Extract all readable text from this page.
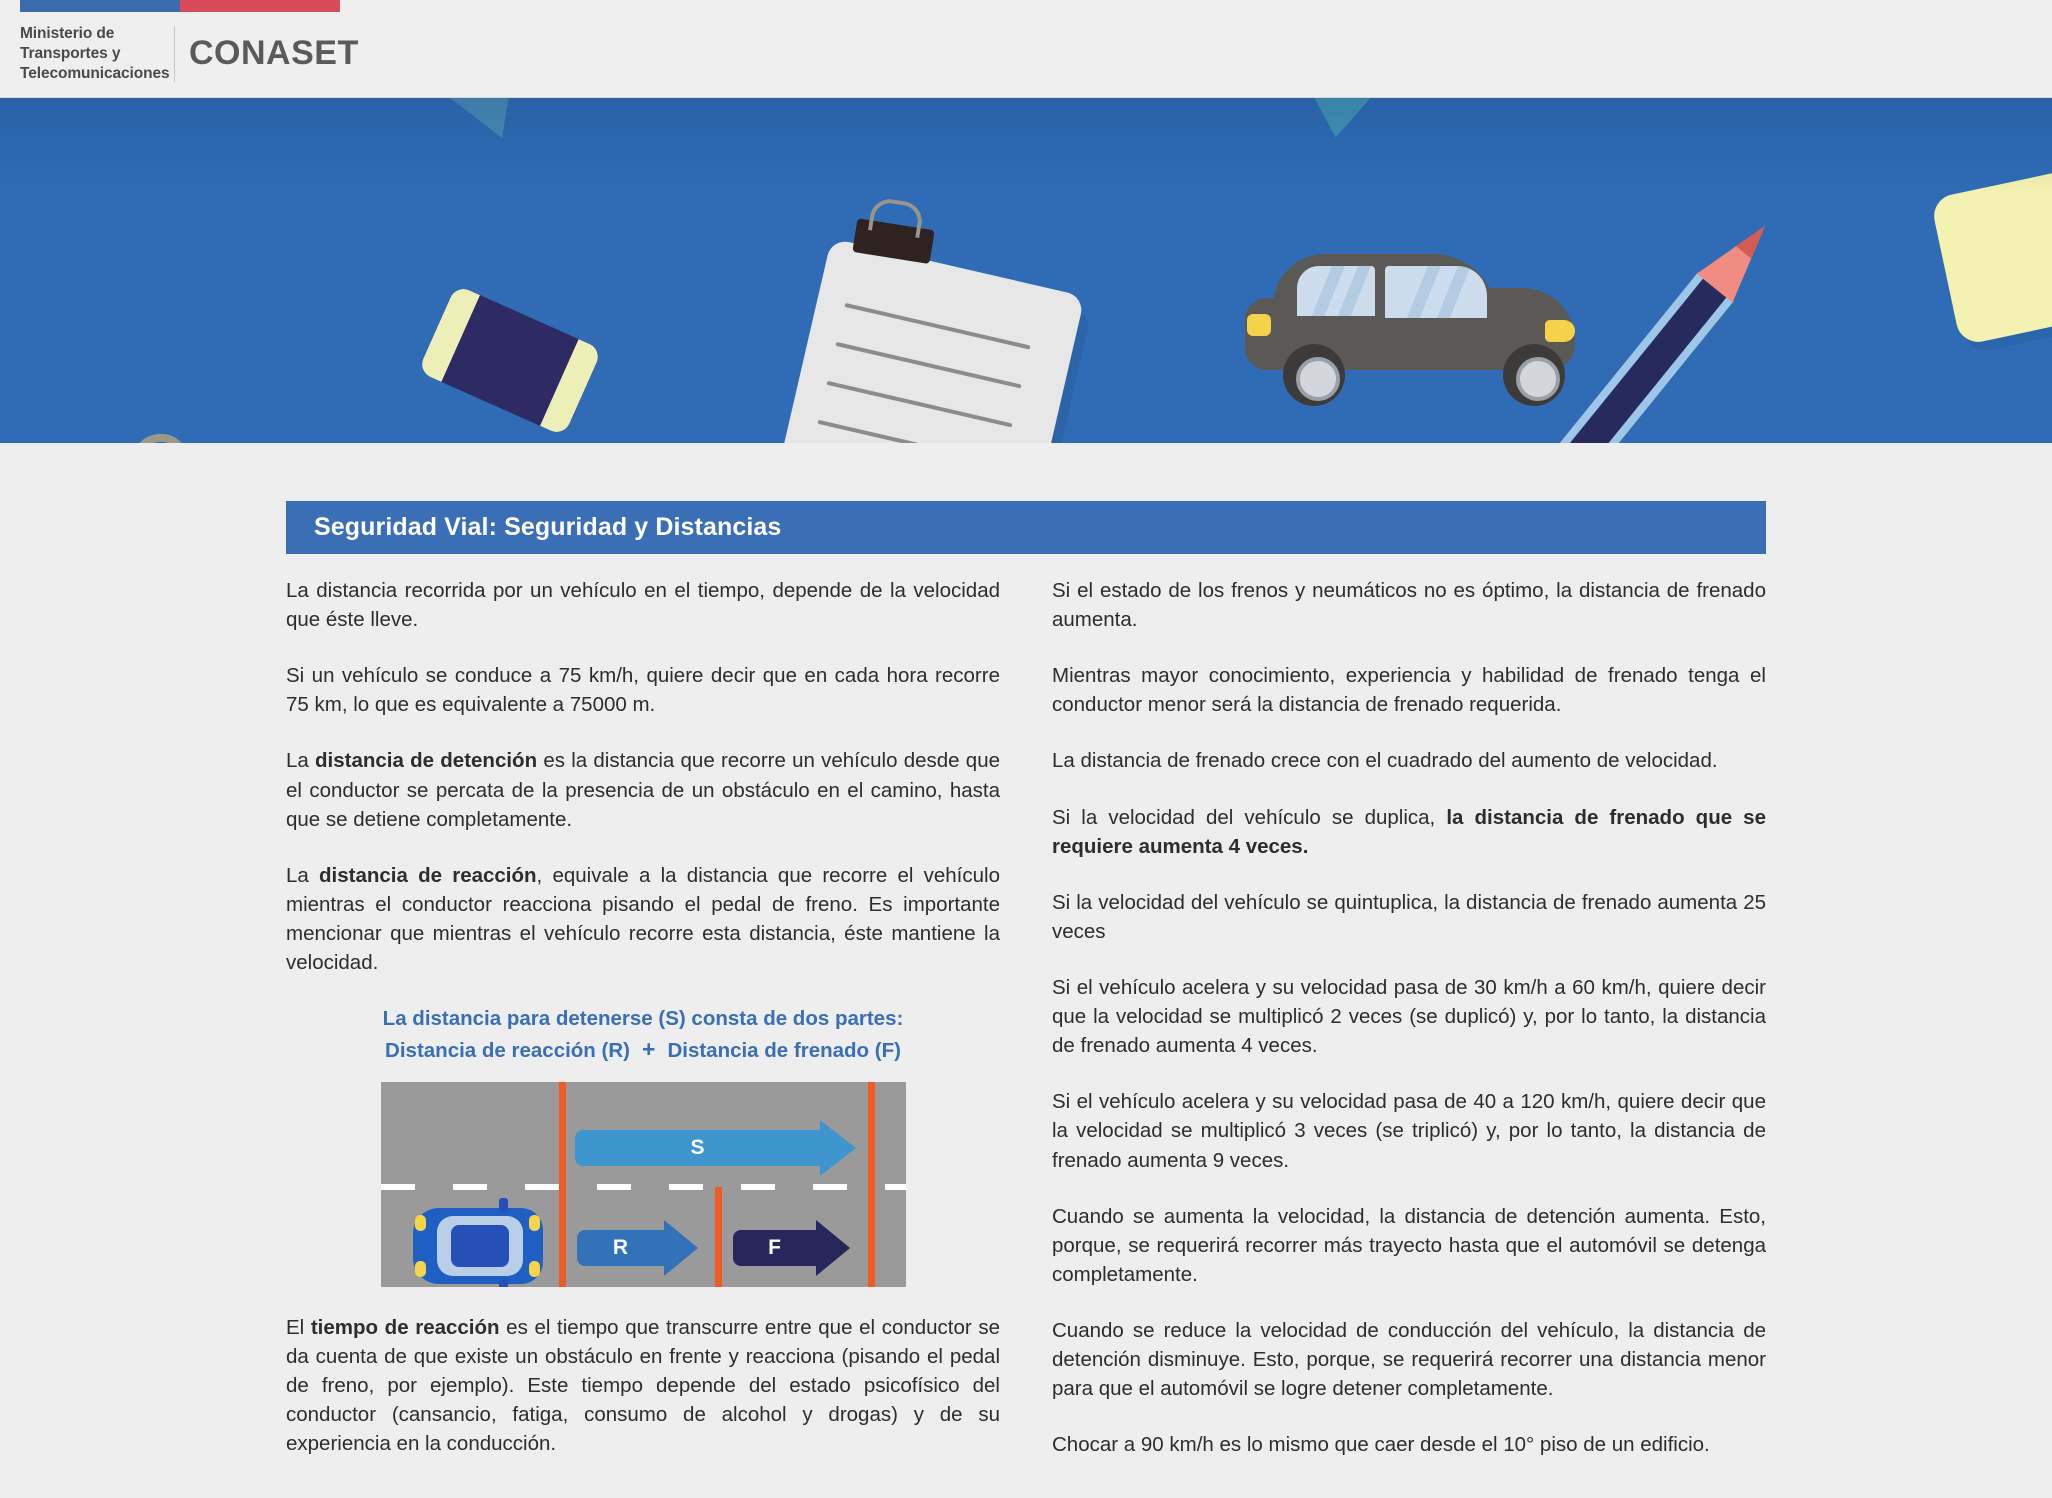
Ministerio de
Transportes y
Telecomunicaciones
CONASET
Seguridad Vial: Seguridad y Distancias

La distancia recorrida por un vehículo en el tiempo, depende de la velocidad que éste lleve.

Si un vehículo se conduce a 75 km/h, quiere decir que en cada hora recorre 75 km, lo que es equivalente a 75000 m.

La distancia de detención es la distancia que recorre un vehículo desde que el conductor se percata de la presencia de un obstáculo en el camino, hasta que se detiene completamente.

La distancia de reacción, equivale a la distancia que recorre el vehículo mientras el conductor reacciona pisando el pedal de freno. Es importante mencionar que mientras el vehículo recorre esta distancia, éste mantiene la velocidad.

La distancia para detenerse (S) consta de dos partes:
Distancia de reacción (R) + Distancia de frenado (F)
S
R	F

El tiempo de reacción es el tiempo que transcurre entre que el conductor se da cuenta de que existe un obstáculo en frente y reacciona (pisando el pedal de freno, por ejemplo). Este tiempo depende del estado psicofísico del conductor (cansancio, fatiga, consumo de alcohol y drogas) y de su experiencia en la conducción.

Si el estado de los frenos y neumáticos no es óptimo, la distancia de frenado aumenta.

Mientras mayor conocimiento, experiencia y habilidad de frenado tenga el conductor menor será la distancia de frenado requerida.

La distancia de frenado crece con el cuadrado del aumento de velocidad.

Si la velocidad del vehículo se duplica, la distancia de frenado que se requiere aumenta 4 veces.

Si la velocidad del vehículo se quintuplica, la distancia de frenado aumenta 25 veces

Si el vehículo acelera y su velocidad pasa de 30 km/h a 60 km/h, quiere decir que la velocidad se multiplicó 2 veces (se duplicó) y, por lo tanto, la distancia de frenado aumenta 4 veces.

Si el vehículo acelera y su velocidad pasa de 40 a 120 km/h, quiere decir que la velocidad se multiplicó 3 veces (se triplicó) y, por lo tanto, la distancia de frenado aumenta 9 veces.

Cuando se aumenta la velocidad, la distancia de detención aumenta. Esto, porque, se requerirá recorrer más trayecto hasta que el automóvil se detenga completamente.

Cuando se reduce la velocidad de conducción del vehículo, la distancia de detención disminuye. Esto, porque, se requerirá recorrer una distancia menor para que el automóvil se logre detener completamente.

Chocar a 90 km/h es lo mismo que caer desde el 10° piso de un edificio.
